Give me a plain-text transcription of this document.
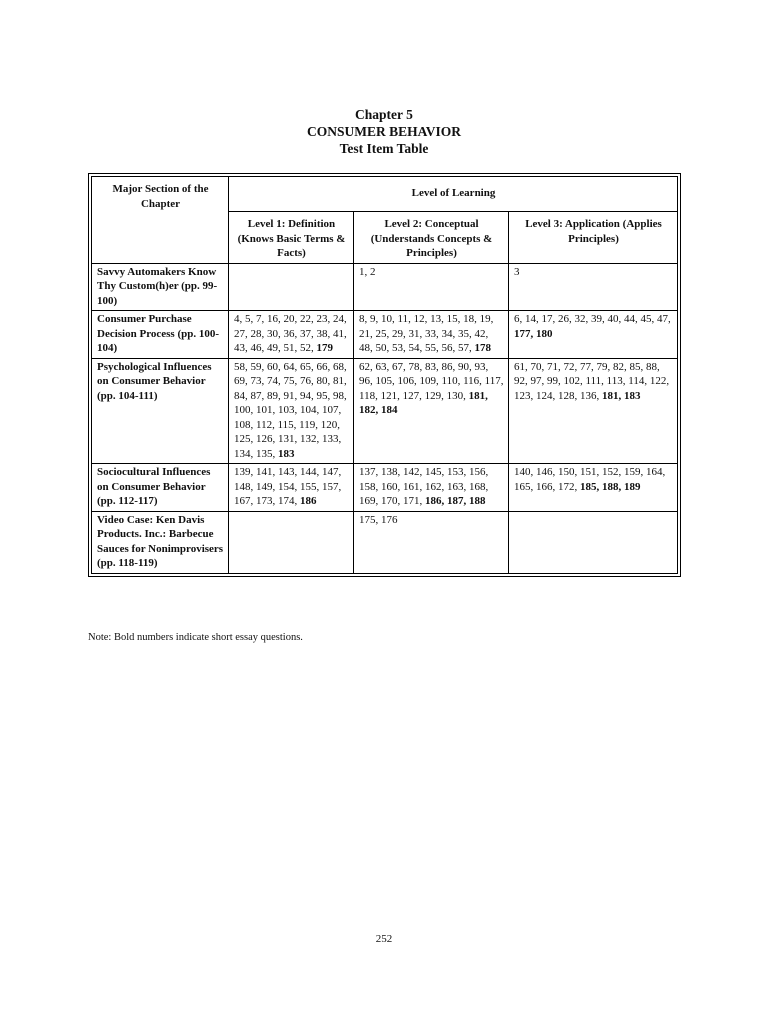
Chapter 5
CONSUMER BEHAVIOR
Test Item Table
Major Section of the Chapter	Level of Learning		
	Level 1: Definition (Knows Basic Terms & Facts)	Level 2: Conceptual (Understands Concepts & Principles)	Level 3: Application (Applies Principles)
Savvy Automakers Know Thy Custom(h)er (pp. 99-100)		1, 2	3
Consumer Purchase Decision Process (pp. 100-104)	4, 5, 7, 16, 20, 22, 23, 24, 27, 28, 30, 36, 37, 38, 41, 43, 46, 49, 51, 52, 179	8, 9, 10, 11, 12, 13, 15, 18, 19, 21, 25, 29, 31, 33, 34, 35, 42, 48, 50, 53, 54, 55, 56, 57, 178	6, 14, 17, 26, 32, 39, 40, 44, 45, 47, 177, 180
Psychological Influences on Consumer Behavior (pp. 104-111)	58, 59, 60, 64, 65, 66, 68, 69, 73, 74, 75, 76, 80, 81, 84, 87, 89, 91, 94, 95, 98, 100, 101, 103, 104, 107, 108, 112, 115, 119, 120, 125, 126, 131, 132, 133, 134, 135, 183	62, 63, 67, 78, 83, 86, 90, 93, 96, 105, 106, 109, 110, 116, 117, 118, 121, 127, 129, 130, 181, 182, 184	61, 70, 71, 72, 77, 79, 82, 85, 88, 92, 97, 99, 102, 111, 113, 114, 122, 123, 124, 128, 136, 181, 183
Sociocultural Influences on Consumer Behavior (pp. 112-117)	139, 141, 143, 144, 147, 148, 149, 154, 155, 157, 167, 173, 174, 186	137, 138, 142, 145, 153, 156, 158, 160, 161, 162, 163, 168, 169, 170, 171, 186, 187, 188	140, 146, 150, 151, 152, 159, 164, 165, 166, 172, 185, 188, 189
Video Case: Ken Davis Products. Inc.: Barbecue Sauces for Nonimprovisers (pp. 118-119)		175, 176	
Note: Bold numbers indicate short essay questions.
252
